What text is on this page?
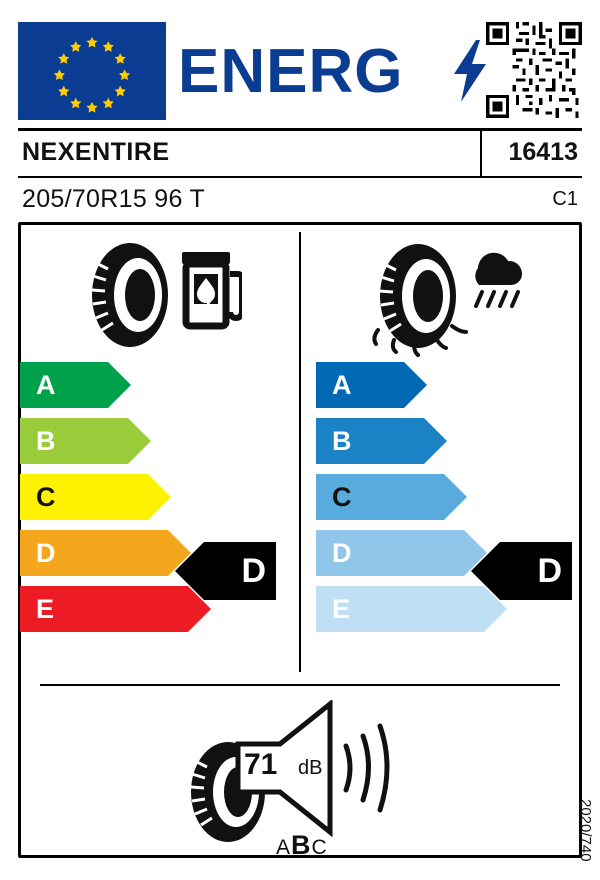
ENERG
NEXENTIRE	16413
205/70R15 96 T	C1
A
B
C
D
E
D
A
B
C
D
E
D
71 dB
ABC	2020/740
